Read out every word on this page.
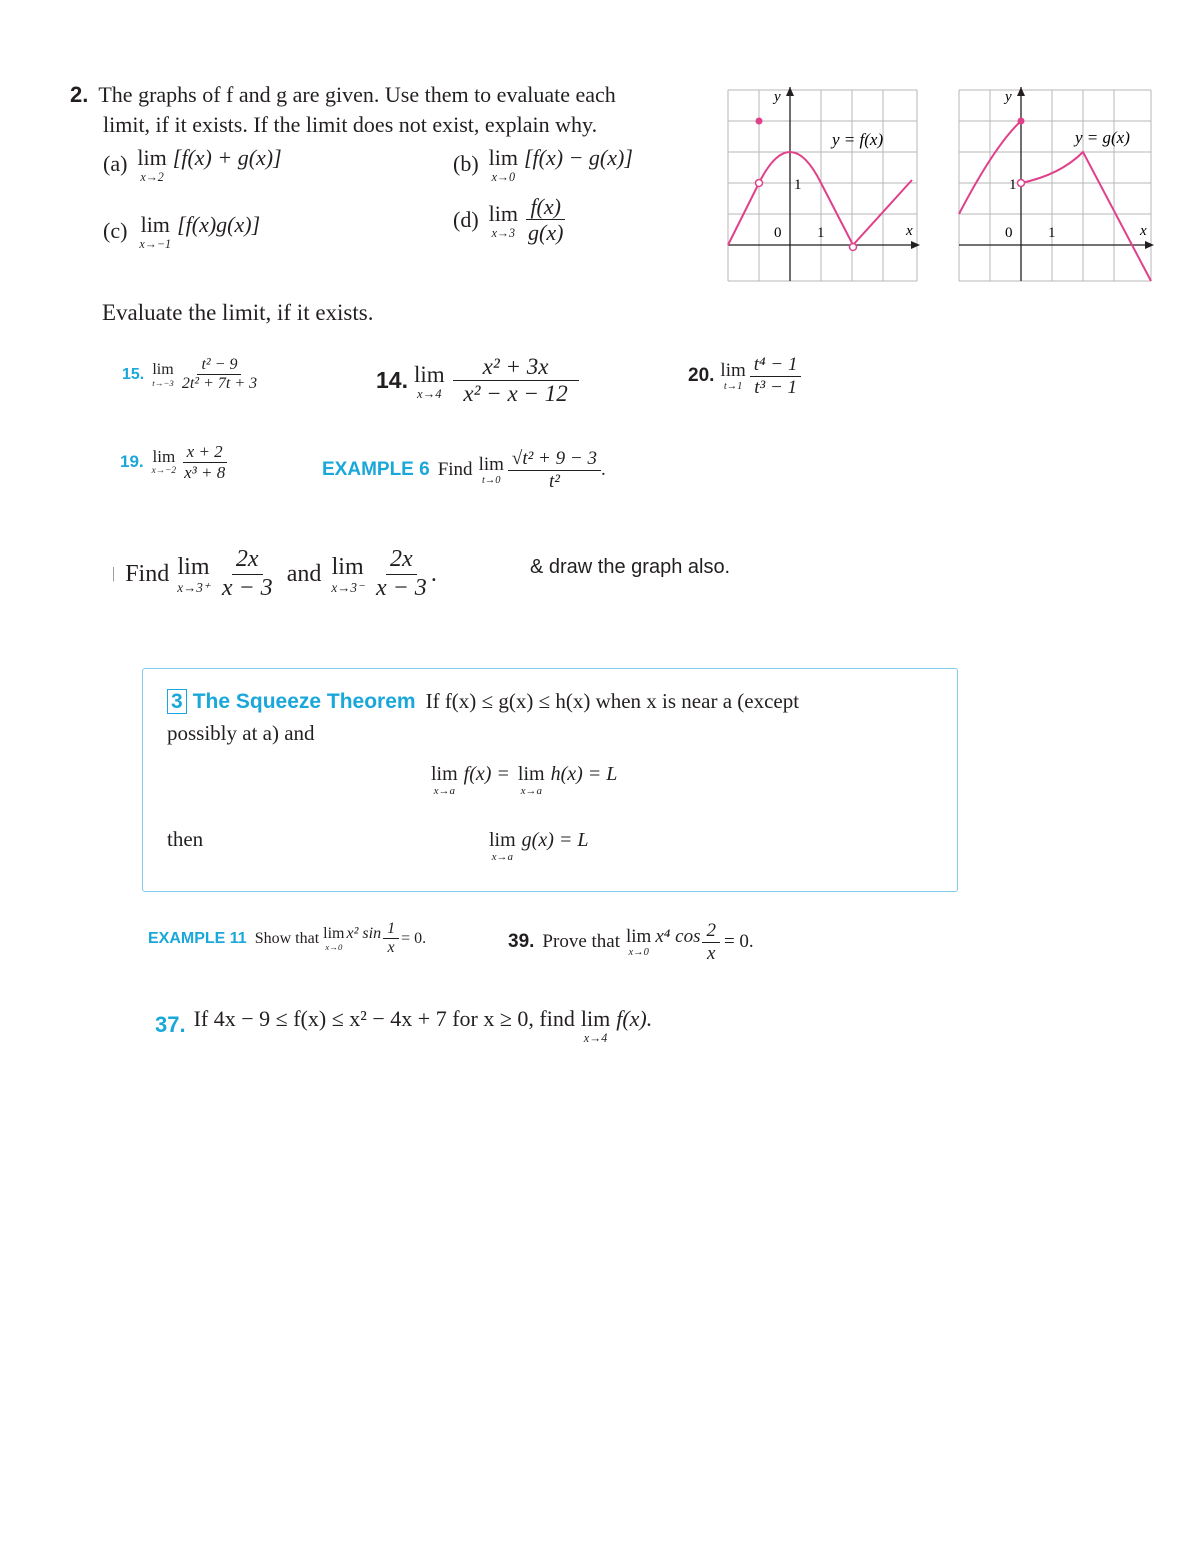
2. The graphs of f and g are given. Use them to evaluate each
limit, if it exists. If the limit does not exist, explain why.
(a) lim
x→2
[f(x) + g(x)]	(b) lim
x→0
[f(x) − g(x)]
(c) lim
x→−1
[f(x)g(x)]	(d) lim
$x\to 3 \frac{f(x)}{g(x)}$
y
x
1
0 1
y = f(x)
y
x
1
0 1
y = g(x)
Evaluate the limit, if it exists.
15. lim
$t\to-3 \frac{\text{t² − 9}}{\text{2t² + 7t + 3}}$	14. lim
$x\to 4 \frac{\text{x² + 3x}}{\text{x² − x − 12}}$	20. lim
$t\to 1 \frac{\text{t⁴ − 1}}{\text{t³ − 1}}$
19. lim
$x\to-2 \frac{x + 2}{\text{x³ + 8}}$	EXAMPLE 6 Find lim
$t\to 0 \frac{\text{√t² + 9 − 3}}{\text{t²}}$ .
| Find lim
$x\to 3^+ \frac{2x}{x - 3}$ and lim
$x\to 3^- \frac{2x}{x - 3}$ .	& draw the graph also.
3 The Squeeze Theorem If f(x) ≤ g(x) ≤ h(x) when x is near a (except
possibly at a) and
lim
x→a
f(x) = lim
x→a
h(x) = L
then	lim
x→a
g(x) = L
EXAMPLE 11 Show that lim
x→0
x² $\sin \frac{1}{x} = 0$.	39. Prove that lim
x→0
x⁴ $\cos \frac{2}{x} = 0$.
37. If 4x − 9 ≤ f(x) ≤ x² − 4x + 7 for x ≥ 0, find lim
x→4
f(x).
